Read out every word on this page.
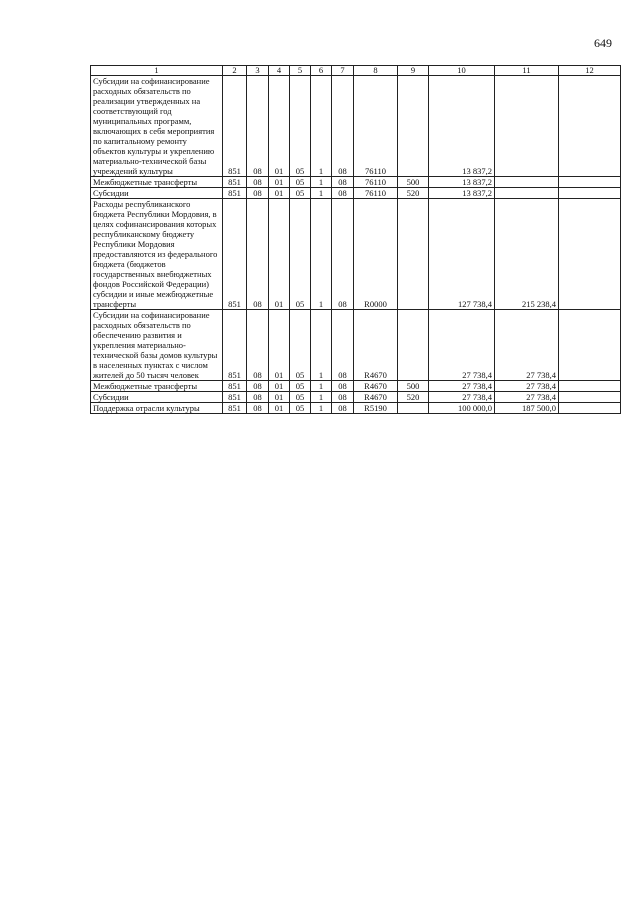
649
1	2	3	4	5	6	7	8	9	10	11	12
Субсидии на софинансирование расходных обязательств по реализации утвержденных на соответствующий год муниципальных программ, включающих в себя мероприятия по капитальному ремонту объектов культуры и укреплению материально-технической базы учреждений культуры	851	08	01	05	1	08	76110		13 837,2		
Межбюджетные трансферты	851	08	01	05	1	08	76110	500	13 837,2		
Субсидии	851	08	01	05	1	08	76110	520	13 837,2		
Расходы республиканского бюджета Республики Мордовия, в целях софинансирования которых республиканскому бюджету Республики Мордовия предоставляются из федерального бюджета (бюджетов государственных внебюджетных фондов Российской Федерации) субсидии и иные межбюджетные трансферты	851	08	01	05	1	08	R0000		127 738,4	215 238,4	
Субсидии на софинансирование расходных обязательств по обеспечению развития и укрепления материально-технической базы домов культуры в населенных пунктах с числом жителей до 50 тысяч человек	851	08	01	05	1	08	R4670		27 738,4	27 738,4	
Межбюджетные трансферты	851	08	01	05	1	08	R4670	500	27 738,4	27 738,4	
Субсидии	851	08	01	05	1	08	R4670	520	27 738,4	27 738,4	
Поддержка отрасли культуры	851	08	01	05	1	08	R5190		100 000,0	187 500,0	
